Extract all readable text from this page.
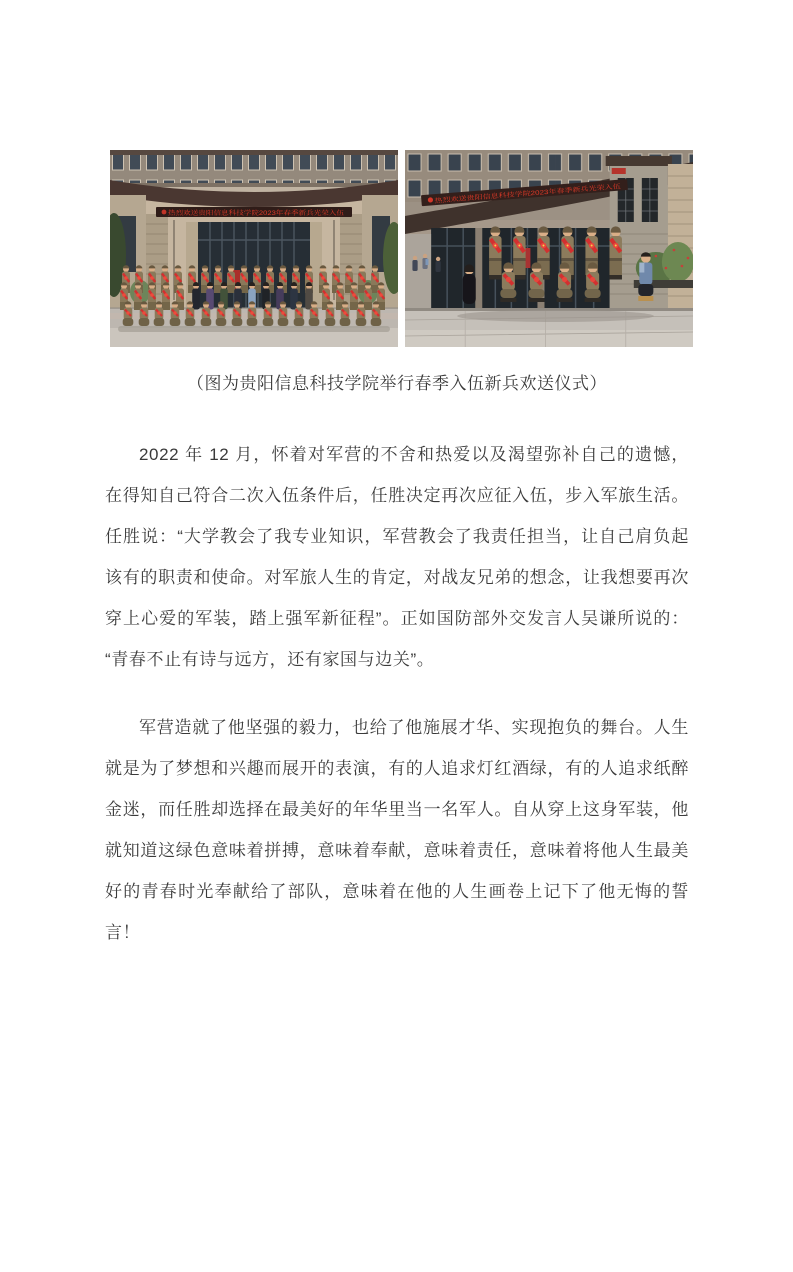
热烈欢送贵阳信息科技学院2023年春季新兵光荣入伍
热烈欢送贵阳信息科技学院2023年春季新兵光荣入伍
（图为贵阳信息科技学院举行春季入伍新兵欢送仪式）

2022 年 12 月，怀着对军营的不舍和热爱以及渴望弥补自己的遗憾，在得知自己符合二次入伍条件后，任胜决定再次应征入伍，步入军旅生活。任胜说：“大学教会了我专业知识，军营教会了我责任担当，让自己肩负起该有的职责和使命。对军旅人生的肯定，对战友兄弟的想念，让我想要再次穿上心爱的军装，踏上强军新征程”。正如国防部外交发言人吴谦所说的：“青春不止有诗与远方，还有家国与边关”。

军营造就了他坚强的毅力，也给了他施展才华、实现抱负的舞台。人生就是为了梦想和兴趣而展开的表演，有的人追求灯红酒绿，有的人追求纸醉金迷，而任胜却选择在最美好的年华里当一名军人。自从穿上这身军装，他就知道这绿色意味着拼搏，意味着奉献，意味着责任，意味着将他人生最美好的青春时光奉献给了部队，意味着在他的人生画卷上记下了他无悔的誓言！
